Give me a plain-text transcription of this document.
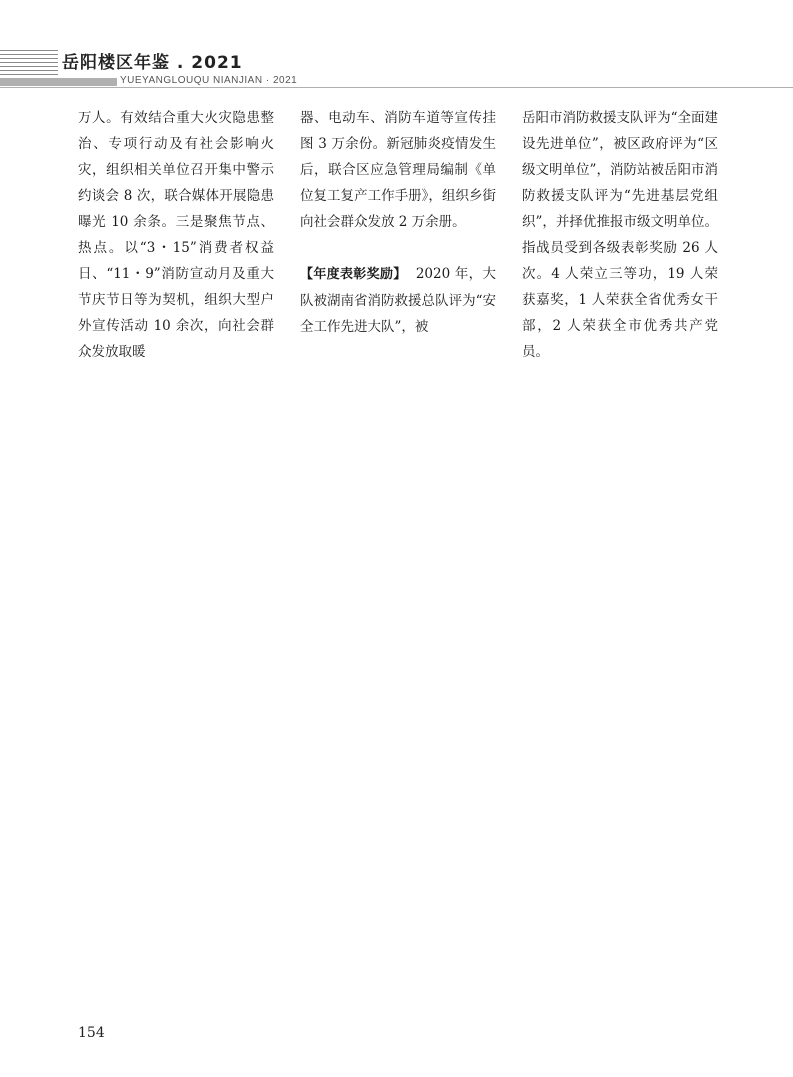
岳阳楼区年鉴 . 2021
YUEYANGLOUQU NIANJIAN · 2021

万人。有效结合重大火灾隐患整治、专项行动及有社会影响火灾，组织相关单位召开集中警示约谈会 8 次，联合媒体开展隐患曝光 10 余条。三是聚焦节点、热点。以“3・15”消费者权益日、“11・9”消防宣动月及重大节庆节日等为契机，组织大型户外宣传活动 10 余次，向社会群众发放取暖

器、电动车、消防车道等宣传挂图 3 万余份。新冠肺炎疫情发生后，联合区应急管理局编制《单位复工复产工作手册》，组织乡街向社会群众发放 2 万余册。

【年度表彰奖励】 2020 年，大队被湖南省消防救援总队评为“安全工作先进大队”，被

岳阳市消防救援支队评为“全面建设先进单位”，被区政府评为“区级文明单位”，消防站被岳阳市消防救援支队评为“先进基层党组织”，并择优推报市级文明单位。指战员受到各级表彰奖励 26 人次。4 人荣立三等功，19 人荣获嘉奖，1 人荣获全省优秀女干部，2 人荣获全市优秀共产党员。

154
